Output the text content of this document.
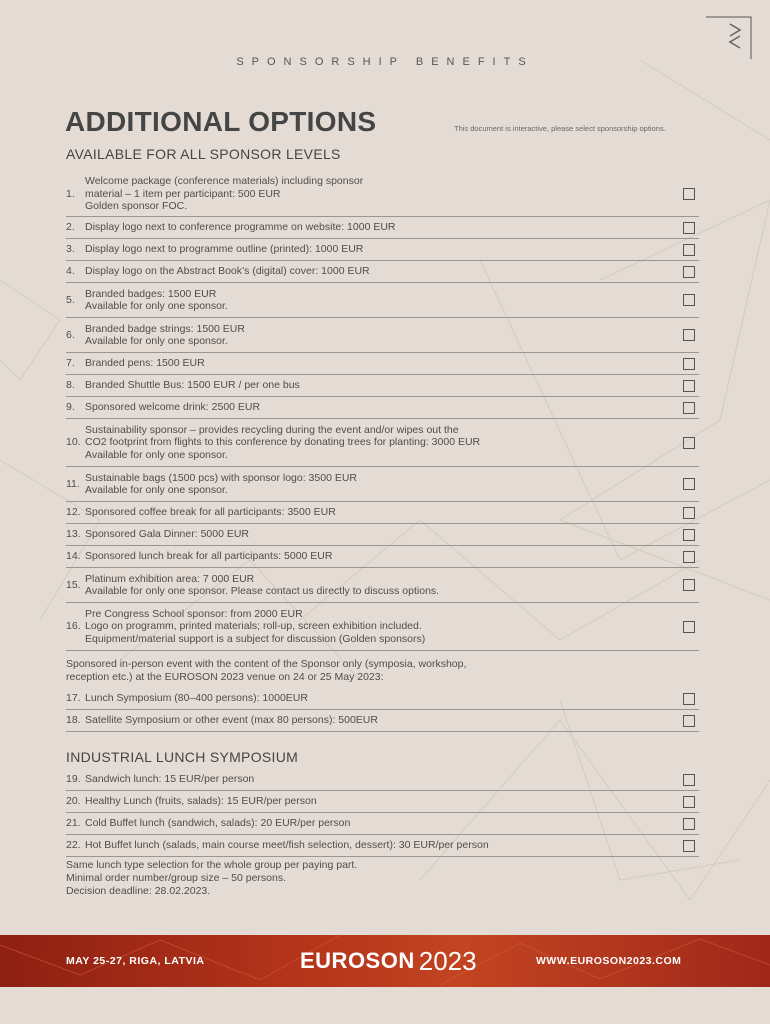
SPONSORSHIP BENEFITS
ADDITIONAL OPTIONS	This document is interactive, please select sponsorship options.
AVAILABLE FOR ALL SPONSOR LEVELS
1.
Welcome package (conference materials) including sponsor
material – 1 item per participant: 500 EUR
Golden sponsor FOC.
2. Display logo next to conference programme on website: 1000 EUR
3. Display logo next to programme outline (printed): 1000 EUR
4. Display logo on the Abstract Book’s (digital) cover: 1000 EUR
5.
Branded badges: 1500 EUR
Available for only one sponsor.
6.
Branded badge strings: 1500 EUR
Available for only one sponsor.
7. Branded pens: 1500 EUR
8. Branded Shuttle Bus: 1500 EUR / per one bus
9. Sponsored welcome drink: 2500 EUR
10.
Sustainability sponsor – provides recycling during the event and/or wipes out the
CO2 footprint from flights to this conference by donating trees for planting: 3000 EUR
Available for only one sponsor.
11.
Sustainable bags (1500 pcs) with sponsor logo: 3500 EUR
Available for only one sponsor.
12. Sponsored coffee break for all participants: 3500 EUR
13. Sponsored Gala Dinner: 5000 EUR
14. Sponsored lunch break for all participants: 5000 EUR
15.
Platinum exhibition area: 7 000 EUR
Available for only one sponsor. Please contact us directly to discuss options.
16.
Pre Congress School sponsor: from 2000 EUR
Logo on programm, printed materials; roll-up, screen exhibition included.
Equipment/material support is a subject for discussion (Golden sponsors)
Sponsored in-person event with the content of the Sponsor only (symposia, workshop,
reception etc.) at the EUROSON 2023 venue on 24 or 25 May 2023:
17. Lunch Symposium (80–400 persons): 1000EUR
18. Satellite Symposium or other event (max 80 persons): 500EUR
INDUSTRIAL LUNCH SYMPOSIUM
19. Sandwich lunch: 15 EUR/per person
20. Healthy Lunch (fruits, salads): 15 EUR/per person
21. Cold Buffet lunch (sandwich, salads): 20 EUR/per person
22. Hot Buffet lunch (salads, main course meet/fish selection, dessert): 30 EUR/per person
Same lunch type selection for the whole group per paying part.
Minimal order number/group size – 50 persons.
Decision deadline: 28.02.2023.
MAY 25-27, RIGA, LATVIA	EUROSON 2023	WWW.EUROSON2023.COM
